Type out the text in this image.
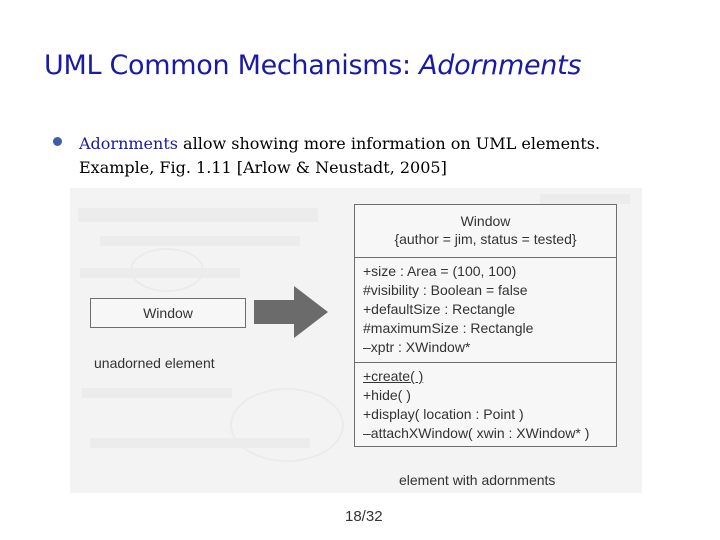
UML Common Mechanisms: Adornments
Adornments allow showing more information on UML elements.
Example, Fig. 1.11 [Arlow & Neustadt, 2005]
Window
unadorned element
Window
{author = jim, status = tested}
+size : Area = (100, 100)
#visibility : Boolean = false
+defaultSize : Rectangle
#maximumSize : Rectangle
–xptr : XWindow*
+create( )
+hide( )
+display( location : Point )
–attachXWindow( xwin : XWindow* )
element with adornments
18/32
